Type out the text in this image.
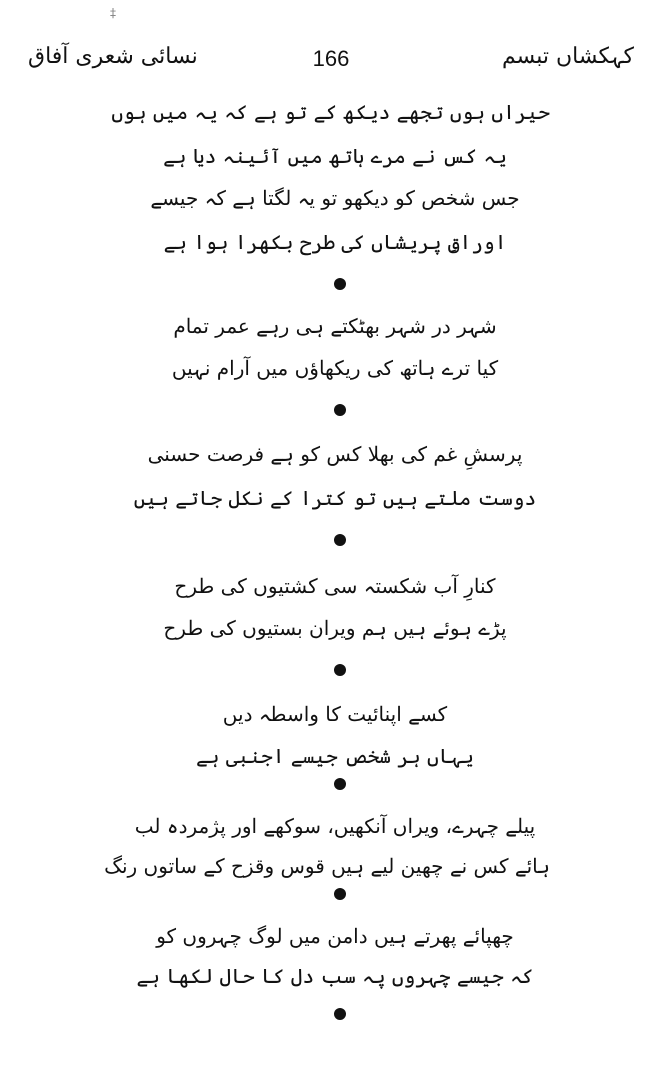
‡
نسائی شعری آفاق	166	کہکشاں تبسم
حیراں ہوں تجھے دیکھ کے تو ہے کہ یہ میں ہوں
یہ کس نے مرے ہاتھ میں آئینہ دیا ہے
جس شخص کو دیکھو تو یہ لگتا ہے کہ جیسے
اوراقِ پریشاں کی طرح بکھرا ہوا ہے
شہر در شہر بھٹکتے ہی رہے عمر تمام
کیا ترے ہاتھ کی ریکھاؤں میں آرام نہیں
پرسشِ غم کی بھلا کس کو ہے فرصت حسنی
دوست ملتے ہیں تو کترا کے نکل جاتے ہیں
کنارِ آب شکستہ سی کشتیوں کی طرح
پڑے ہوئے ہیں ہم ویران بستیوں کی طرح
کسے اپنائیت کا واسطہ دیں
یہاں ہر شخص جیسے اجنبی ہے
پیلے چہرے، ویراں آنکھیں، سوکھے اور پژمردہ لب
ہائے کس نے چھین لیے ہیں قوس وقزح کے ساتوں رنگ
چھپائے پھرتے ہیں دامن میں لوگ چہروں کو
کہ جیسے چہروں پہ سب دل کا حال لکھا ہے
